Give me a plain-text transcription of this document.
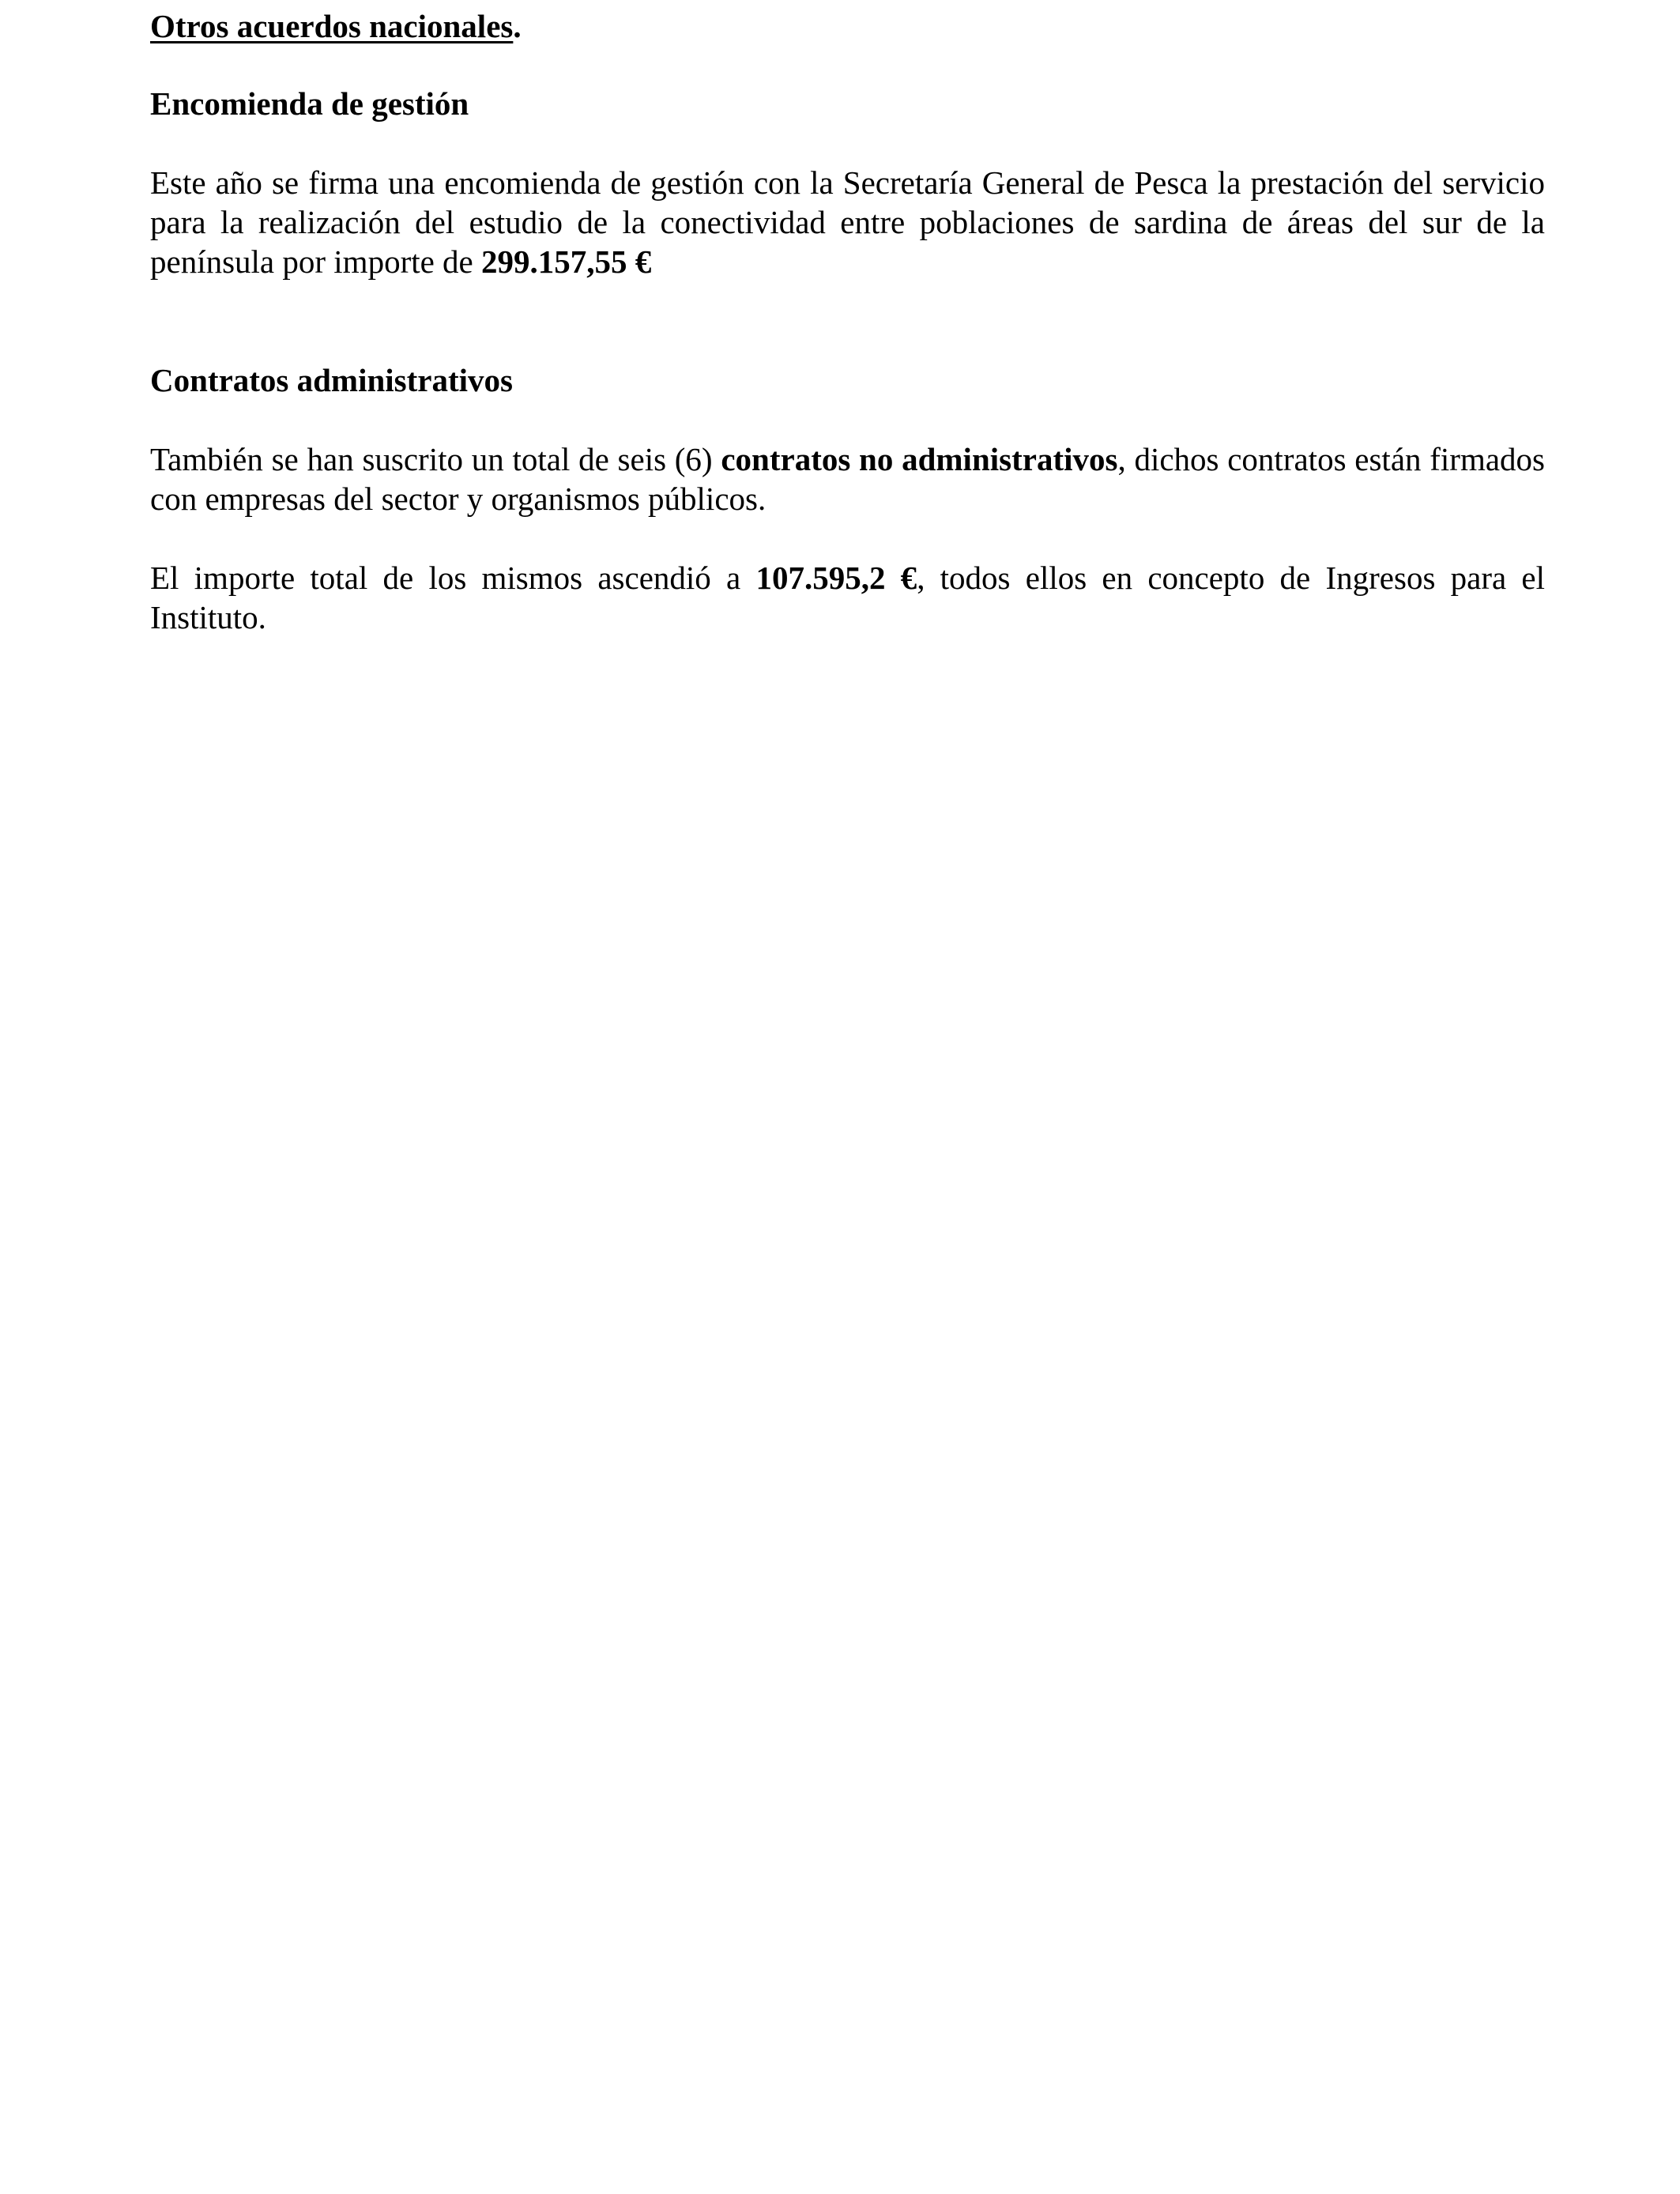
Otros acuerdos nacionales.

Encomienda de gestión

Este año se firma una encomienda de gestión con la Secretaría General de Pesca la prestación del servicio para la realización del estudio de la conectividad entre poblaciones de sardina de áreas del sur de la península por importe de 299.157,55 €

Contratos administrativos

También se han suscrito un total de seis (6) contratos no administrativos, dichos contratos están firmados con empresas del sector y organismos públicos.

El importe total de los mismos ascendió a 107.595,2 €, todos ellos en concepto de Ingresos para el Instituto.
